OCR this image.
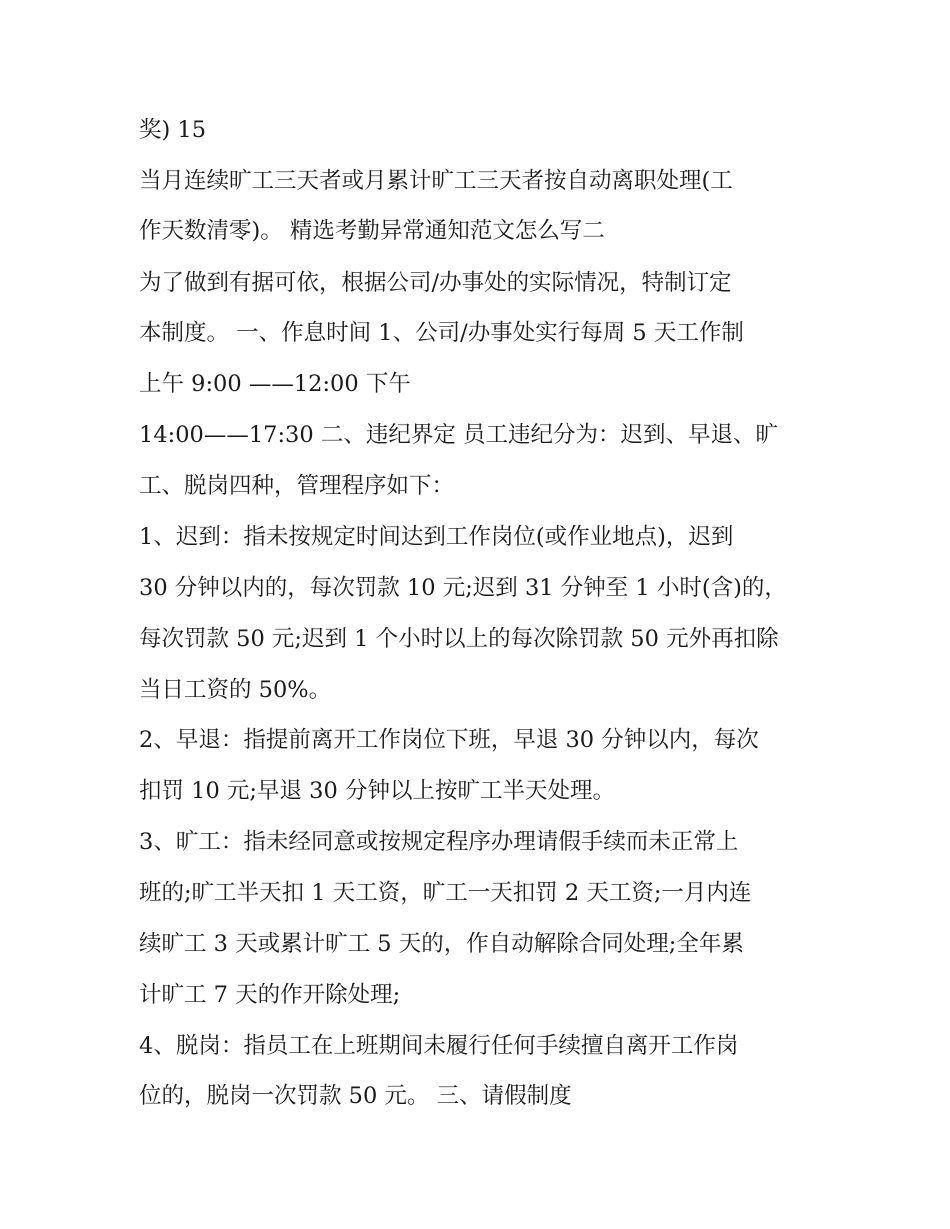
奖) 15

当月连续旷工三天者或月累计旷工三天者按自动离职处理(工

作天数清零)。 精选考勤异常通知范文怎么写二

为了做到有据可依，根据公司/办事处的实际情况，特制订定

本制度。 一、作息时间 1、公司/办事处实行每周 5 天工作制

上午 9:00 ——12:00 下午

14:00——17:30 二、违纪界定 员工违纪分为：迟到、早退、旷

工、脱岗四种，管理程序如下：

1、迟到：指未按规定时间达到工作岗位(或作业地点)，迟到

30 分钟以内的，每次罚款 10 元;迟到 31 分钟至 1 小时(含)的，

每次罚款 50 元;迟到 1 个小时以上的每次除罚款 50 元外再扣除

当日工资的 50%。

2、早退：指提前离开工作岗位下班，早退 30 分钟以内，每次

扣罚 10 元;早退 30 分钟以上按旷工半天处理。

3、旷工：指未经同意或按规定程序办理请假手续而未正常上

班的;旷工半天扣 1 天工资，旷工一天扣罚 2 天工资;一月内连

续旷工 3 天或累计旷工 5 天的，作自动解除合同处理;全年累

计旷工 7 天的作开除处理;

4、脱岗：指员工在上班期间未履行任何手续擅自离开工作岗

位的，脱岗一次罚款 50 元。 三、请假制度
